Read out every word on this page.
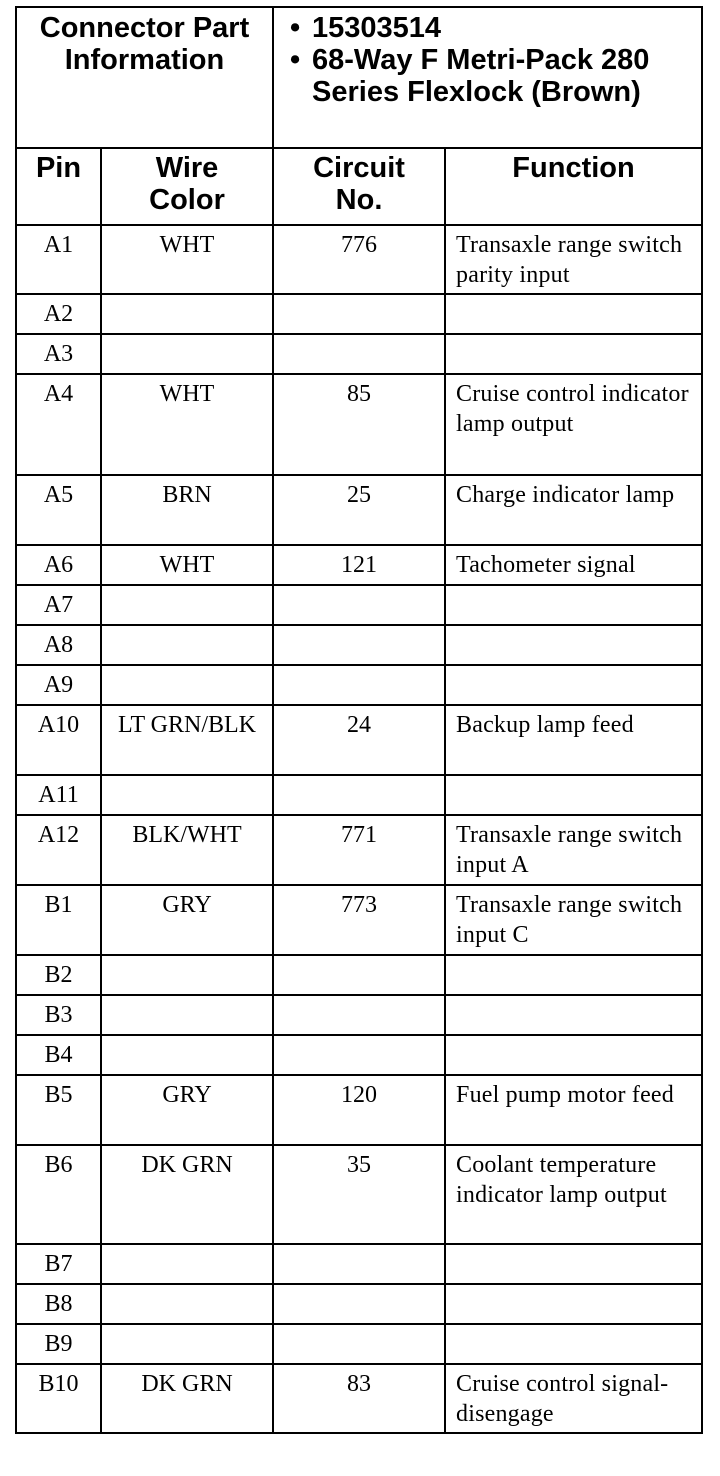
Connector Part Information		• 15303514
• 68-Way F Metri-Pack 280 Series Flexlock (Brown)	

Pin	Wire Color	Circuit No.	Function
A1	WHT	776	Transaxle range switch parity input
A2			
A3			
A4	WHT	85	Cruise control indicator lamp output
A5	BRN	25	Charge indicator lamp
A6	WHT	121	Tachometer signal
A7			
A8			
A9			
A10	LT GRN/BLK	24	Backup lamp feed
A11			
A12	BLK/WHT	771	Transaxle range switch input A
B1	GRY	773	Transaxle range switch input C
B2			
B3			
B4			
B5	GRY	120	Fuel pump motor feed
B6	DK GRN	35	Coolant temperature indicator lamp output
B7			
B8			
B9			
B10	DK GRN	83	Cruise control signal-disengage
